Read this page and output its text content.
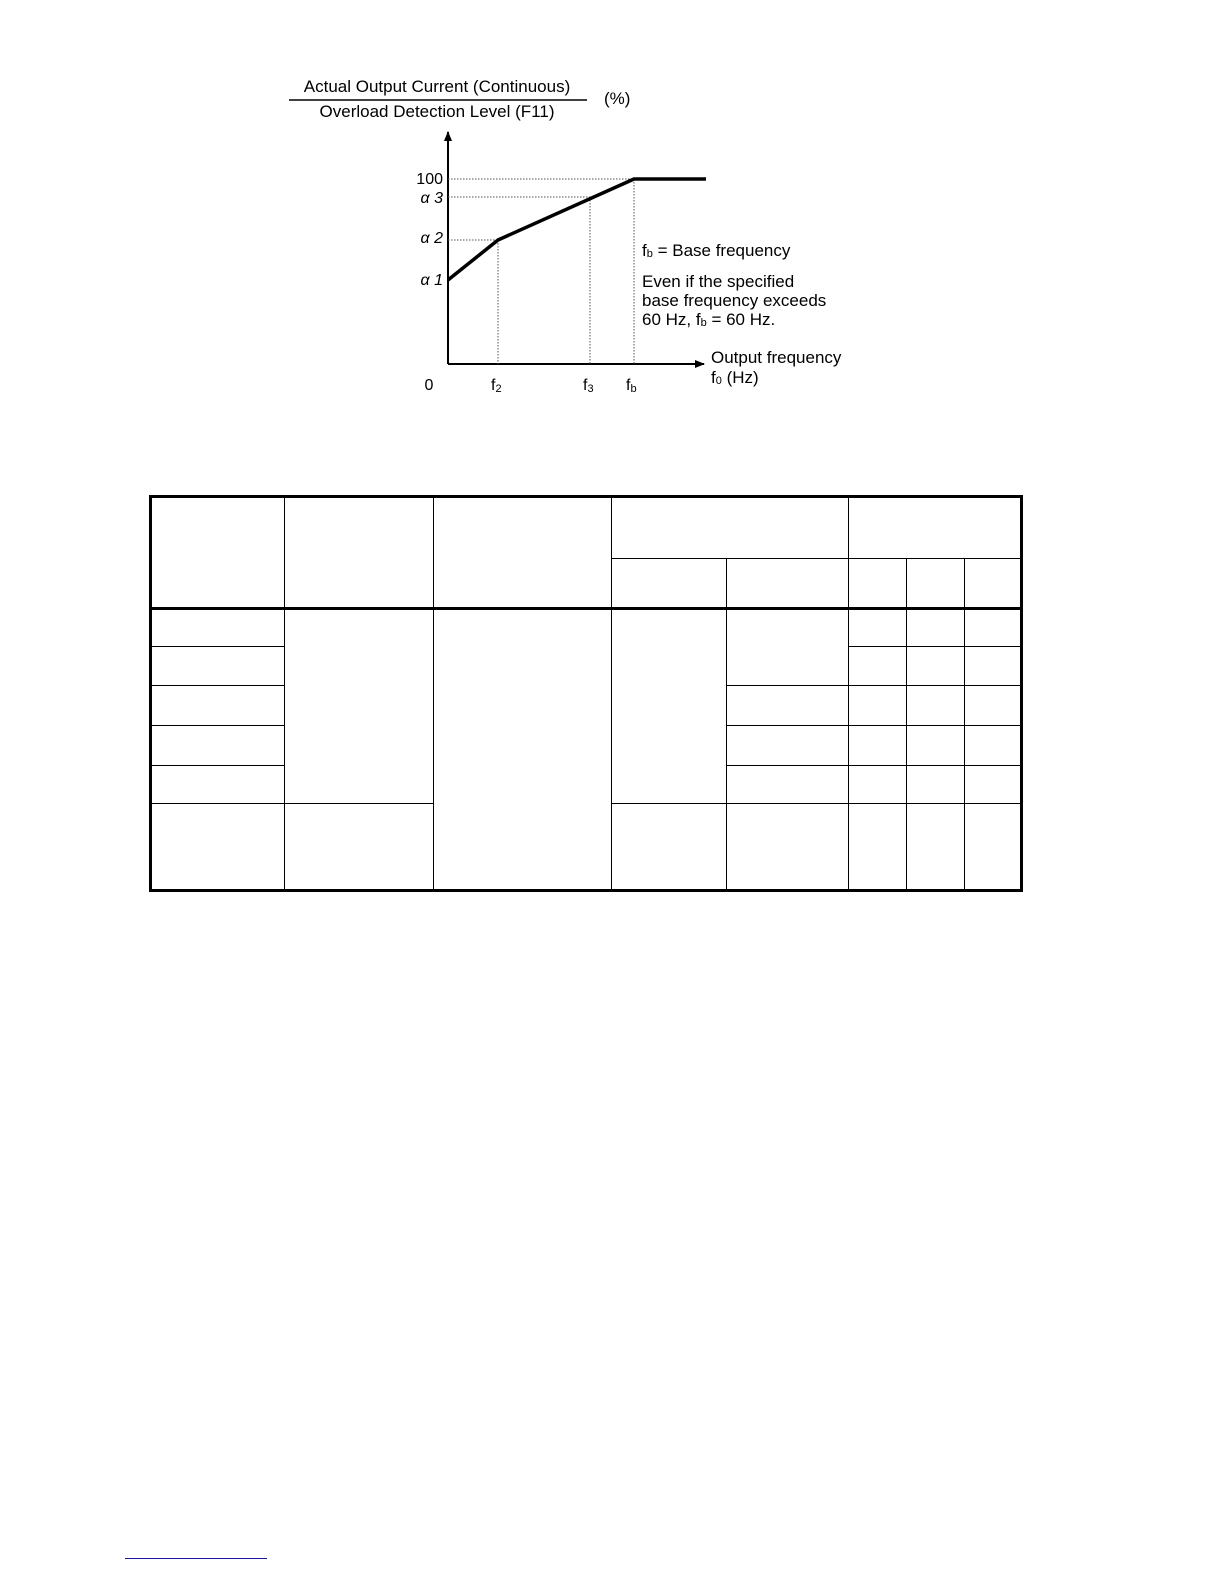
Actual Output Current (Continuous)
Overload Detection Level (F11)
(%)
100
α 3
α 2
α 1
0	f2	f3 fb
Output frequency
f0 (Hz)
fb = Base frequency
Even if the specified
base frequency exceeds
60 Hz, fb = 60 Hz.
